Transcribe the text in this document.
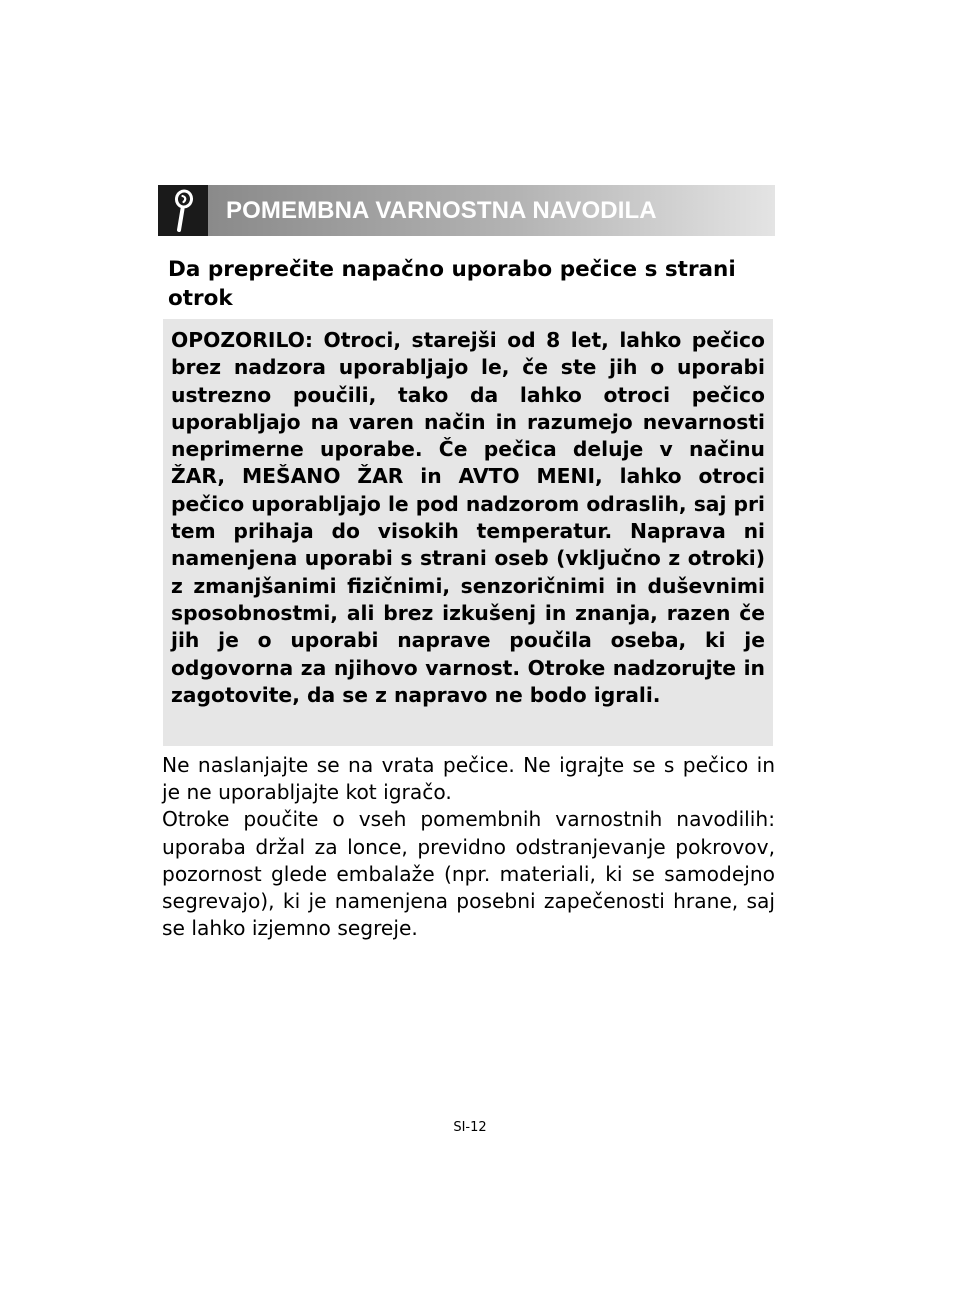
POMEMBNA VARNOSTNA NAVODILA
Da preprečite napačno uporabo pečice s strani otrok

OPOZORILO: Otroci, starejši od 8 let, lahko pečico brez nadzora uporabljajo le, če ste jih o uporabi ustrezno poučili, tako da lahko otroci pečico uporabljajo na varen način in razumejo nevarnosti neprimerne uporabe. Če pečica deluje v načinu ŽAR, MEŠANO ŽAR in AVTO MENI, lahko otroci pečico uporabljajo le pod nadzorom odraslih, saj pri tem prihaja do visokih temperatur. Naprava ni namenjena uporabi s strani oseb (vključno z otroki) z zmanjšanimi fizičnimi, senzoričnimi in duševnimi sposobnostmi, ali brez izkušenj in znanja, razen če jih je o uporabi naprave poučila oseba, ki je odgovorna za njihovo varnost. Otroke nadzorujte in zagotovite, da se z napravo ne bodo igrali.

Ne naslanjajte se na vrata pečice. Ne igrajte se s pečico in je ne uporabljajte kot igračo.

Otroke poučite o vseh pomembnih varnostnih navodilih: uporaba držal za lonce, previdno odstranjevanje pokrovov, pozornost glede embalaže (npr. materiali, ki se samodejno segrevajo), ki je namenjena posebni zapečenosti hrane, saj se lahko izjemno segreje.

SI-12
